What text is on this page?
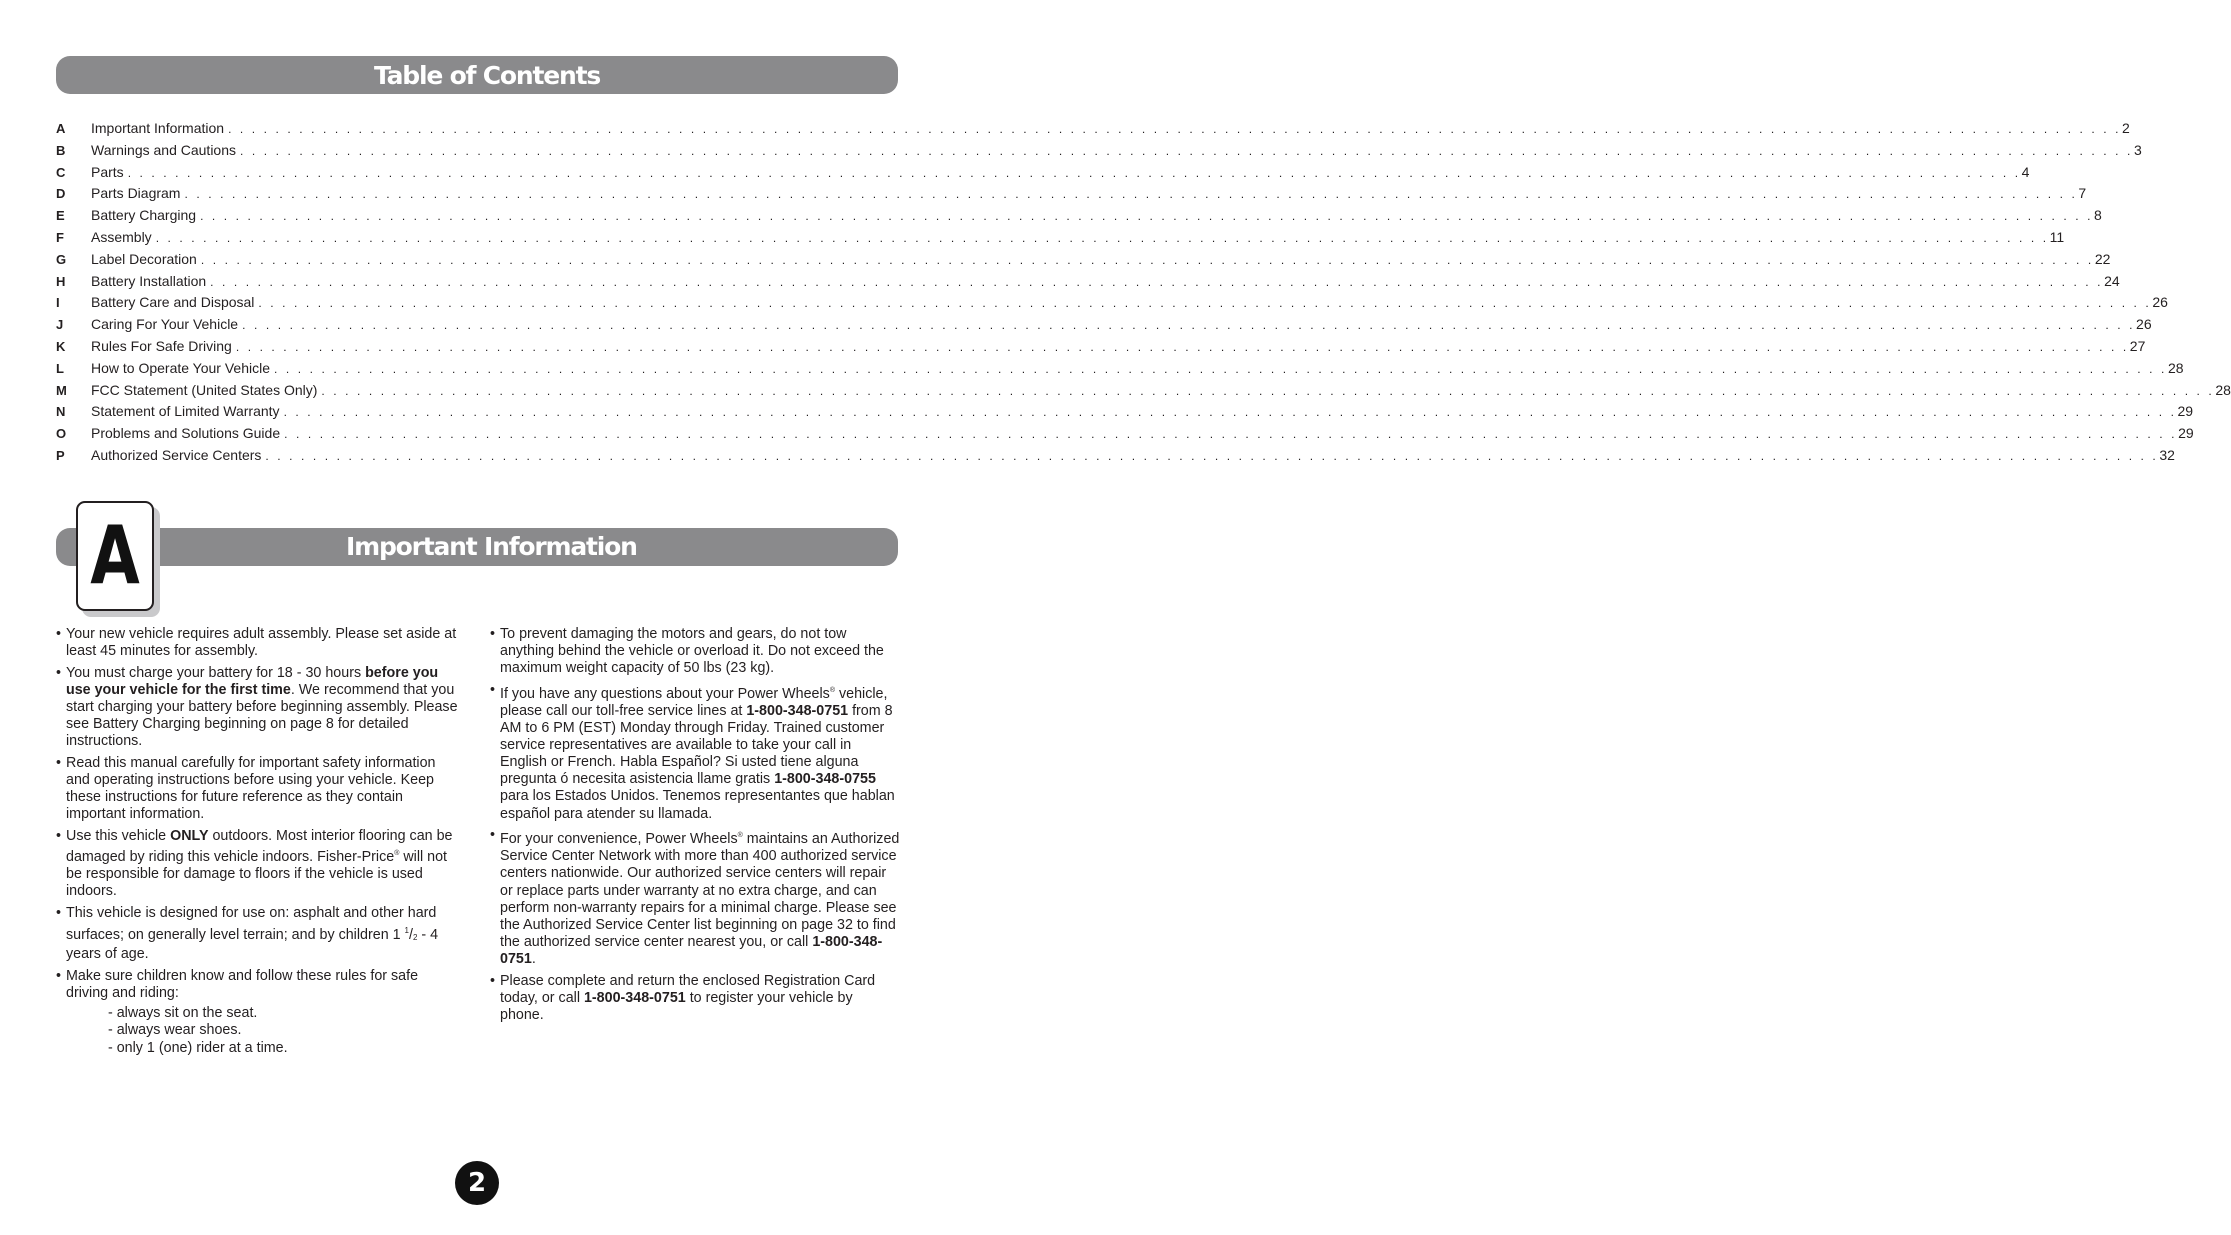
Table of Contents
A	Important Information . . . . . . . . . . . . . . . . . . . . . . . . . . . . . . . . . . . . . . . . . . . . . . . . . . . . . . . . . . . . . . . . . . . . . . . . . . . . . . . . . . . . . . . . . . . . . . . . . . . . . . . . . . . . . . . . . . . . . . . . . . . . . . . . . . . . . . . . . . . . . . . . . . . . . . . . . . . . . . . . 2
B	Warnings and Cautions . . . . . . . . . . . . . . . . . . . . . . . . . . . . . . . . . . . . . . . . . . . . . . . . . . . . . . . . . . . . . . . . . . . . . . . . . . . . . . . . . . . . . . . . . . . . . . . . . . . . . . . . . . . . . . . . . . . . . . . . . . . . . . . . . . . . . . . . . . . . . . . . . . . . . . . . . . . . . . . . 3
C	Parts . . . . . . . . . . . . . . . . . . . . . . . . . . . . . . . . . . . . . . . . . . . . . . . . . . . . . . . . . . . . . . . . . . . . . . . . . . . . . . . . . . . . . . . . . . . . . . . . . . . . . . . . . . . . . . . . . . . . . . . . . . . . . . . . . . . . . . . . . . . . . . . . . . . . . . . . . . . . . . . . 4
D	Parts Diagram . . . . . . . . . . . . . . . . . . . . . . . . . . . . . . . . . . . . . . . . . . . . . . . . . . . . . . . . . . . . . . . . . . . . . . . . . . . . . . . . . . . . . . . . . . . . . . . . . . . . . . . . . . . . . . . . . . . . . . . . . . . . . . . . . . . . . . . . . . . . . . . . . . . . . . . . . . . . . . . . 7
E	Battery Charging . . . . . . . . . . . . . . . . . . . . . . . . . . . . . . . . . . . . . . . . . . . . . . . . . . . . . . . . . . . . . . . . . . . . . . . . . . . . . . . . . . . . . . . . . . . . . . . . . . . . . . . . . . . . . . . . . . . . . . . . . . . . . . . . . . . . . . . . . . . . . . . . . . . . . . . . . . . . . . . . 8
F	Assembly . . . . . . . . . . . . . . . . . . . . . . . . . . . . . . . . . . . . . . . . . . . . . . . . . . . . . . . . . . . . . . . . . . . . . . . . . . . . . . . . . . . . . . . . . . . . . . . . . . . . . . . . . . . . . . . . . . . . . . . . . . . . . . . . . . . . . . . . . . . . . . . . . . . . . . . . . . . . . . . . 11
G	Label Decoration . . . . . . . . . . . . . . . . . . . . . . . . . . . . . . . . . . . . . . . . . . . . . . . . . . . . . . . . . . . . . . . . . . . . . . . . . . . . . . . . . . . . . . . . . . . . . . . . . . . . . . . . . . . . . . . . . . . . . . . . . . . . . . . . . . . . . . . . . . . . . . . . . . . . . . . . . . . . . . . . 22
H	Battery Installation . . . . . . . . . . . . . . . . . . . . . . . . . . . . . . . . . . . . . . . . . . . . . . . . . . . . . . . . . . . . . . . . . . . . . . . . . . . . . . . . . . . . . . . . . . . . . . . . . . . . . . . . . . . . . . . . . . . . . . . . . . . . . . . . . . . . . . . . . . . . . . . . . . . . . . . . . . . . . . . . 24
I	Battery Care and Disposal . . . . . . . . . . . . . . . . . . . . . . . . . . . . . . . . . . . . . . . . . . . . . . . . . . . . . . . . . . . . . . . . . . . . . . . . . . . . . . . . . . . . . . . . . . . . . . . . . . . . . . . . . . . . . . . . . . . . . . . . . . . . . . . . . . . . . . . . . . . . . . . . . . . . . . . . . . . . . . . . 26
J	Caring For Your Vehicle . . . . . . . . . . . . . . . . . . . . . . . . . . . . . . . . . . . . . . . . . . . . . . . . . . . . . . . . . . . . . . . . . . . . . . . . . . . . . . . . . . . . . . . . . . . . . . . . . . . . . . . . . . . . . . . . . . . . . . . . . . . . . . . . . . . . . . . . . . . . . . . . . . . . . . . . . . . . . . . . 26
K	Rules For Safe Driving . . . . . . . . . . . . . . . . . . . . . . . . . . . . . . . . . . . . . . . . . . . . . . . . . . . . . . . . . . . . . . . . . . . . . . . . . . . . . . . . . . . . . . . . . . . . . . . . . . . . . . . . . . . . . . . . . . . . . . . . . . . . . . . . . . . . . . . . . . . . . . . . . . . . . . . . . . . . . . . . 27
L	How to Operate Your Vehicle . . . . . . . . . . . . . . . . . . . . . . . . . . . . . . . . . . . . . . . . . . . . . . . . . . . . . . . . . . . . . . . . . . . . . . . . . . . . . . . . . . . . . . . . . . . . . . . . . . . . . . . . . . . . . . . . . . . . . . . . . . . . . . . . . . . . . . . . . . . . . . . . . . . . . . . . . . . . . . . . 28
M	FCC Statement (United States Only) . . . . . . . . . . . . . . . . . . . . . . . . . . . . . . . . . . . . . . . . . . . . . . . . . . . . . . . . . . . . . . . . . . . . . . . . . . . . . . . . . . . . . . . . . . . . . . . . . . . . . . . . . . . . . . . . . . . . . . . . . . . . . . . . . . . . . . . . . . . . . . . . . . . . . . . . . . . . . . . . 28
N	Statement of Limited Warranty . . . . . . . . . . . . . . . . . . . . . . . . . . . . . . . . . . . . . . . . . . . . . . . . . . . . . . . . . . . . . . . . . . . . . . . . . . . . . . . . . . . . . . . . . . . . . . . . . . . . . . . . . . . . . . . . . . . . . . . . . . . . . . . . . . . . . . . . . . . . . . . . . . . . . . . . . . . . . . . . 29
O	Problems and Solutions Guide . . . . . . . . . . . . . . . . . . . . . . . . . . . . . . . . . . . . . . . . . . . . . . . . . . . . . . . . . . . . . . . . . . . . . . . . . . . . . . . . . . . . . . . . . . . . . . . . . . . . . . . . . . . . . . . . . . . . . . . . . . . . . . . . . . . . . . . . . . . . . . . . . . . . . . . . . . . . . . . . 29
P	Authorized Service Centers . . . . . . . . . . . . . . . . . . . . . . . . . . . . . . . . . . . . . . . . . . . . . . . . . . . . . . . . . . . . . . . . . . . . . . . . . . . . . . . . . . . . . . . . . . . . . . . . . . . . . . . . . . . . . . . . . . . . . . . . . . . . . . . . . . . . . . . . . . . . . . . . . . . . . . . . . . . . . . . . 32
Important Information
A
• Your new vehicle requires adult assembly. Please set aside at least 45 minutes for assembly.
• You must charge your battery for 18 - 30 hours before you use your vehicle for the first time. We recommend that you start charging your battery before beginning assembly. Please see Battery Charging beginning on page 8 for detailed instructions.
• Read this manual carefully for important safety information and operating instructions before using your vehicle. Keep these instructions for future reference as they contain important information.
• Use this vehicle ONLY outdoors. Most interior flooring can be damaged by riding this vehicle indoors. Fisher-Price® will not be responsible for damage to floors if the vehicle is used indoors.
• This vehicle is designed for use on: asphalt and other hard surfaces; on generally level terrain; and by children 1 $^1$/2 - 4 years of age.
• Make sure children know and follow these rules for safe driving and riding:
- always sit on the seat.
- always wear shoes.
- only 1 (one) rider at a time.
• To prevent damaging the motors and gears, do not tow anything behind the vehicle or overload it. Do not exceed the maximum weight capacity of 50 lbs (23 kg).
• If you have any questions about your Power Wheels® vehicle, please call our toll-free service lines at 1-800-348-0751 from 8 AM to 6 PM (EST) Monday through Friday. Trained customer service representatives are available to take your call in English or French. Habla Español? Si usted tiene alguna pregunta ó necesita asistencia llame gratis 1-800-348-0755 para los Estados Unidos. Tenemos representantes que hablan español para atender su llamada.
• For your convenience, Power Wheels® maintains an Authorized Service Center Network with more than 400 authorized service centers nationwide. Our authorized service centers will repair or replace parts under warranty at no extra charge, and can perform non-warranty repairs for a minimal charge. Please see the Authorized Service Center list beginning on page 32 to find the authorized service center nearest you, or call 1-800-348-0751.
• Please complete and return the enclosed Registration Card today, or call 1-800-348-0751 to register your vehicle by phone.
2
